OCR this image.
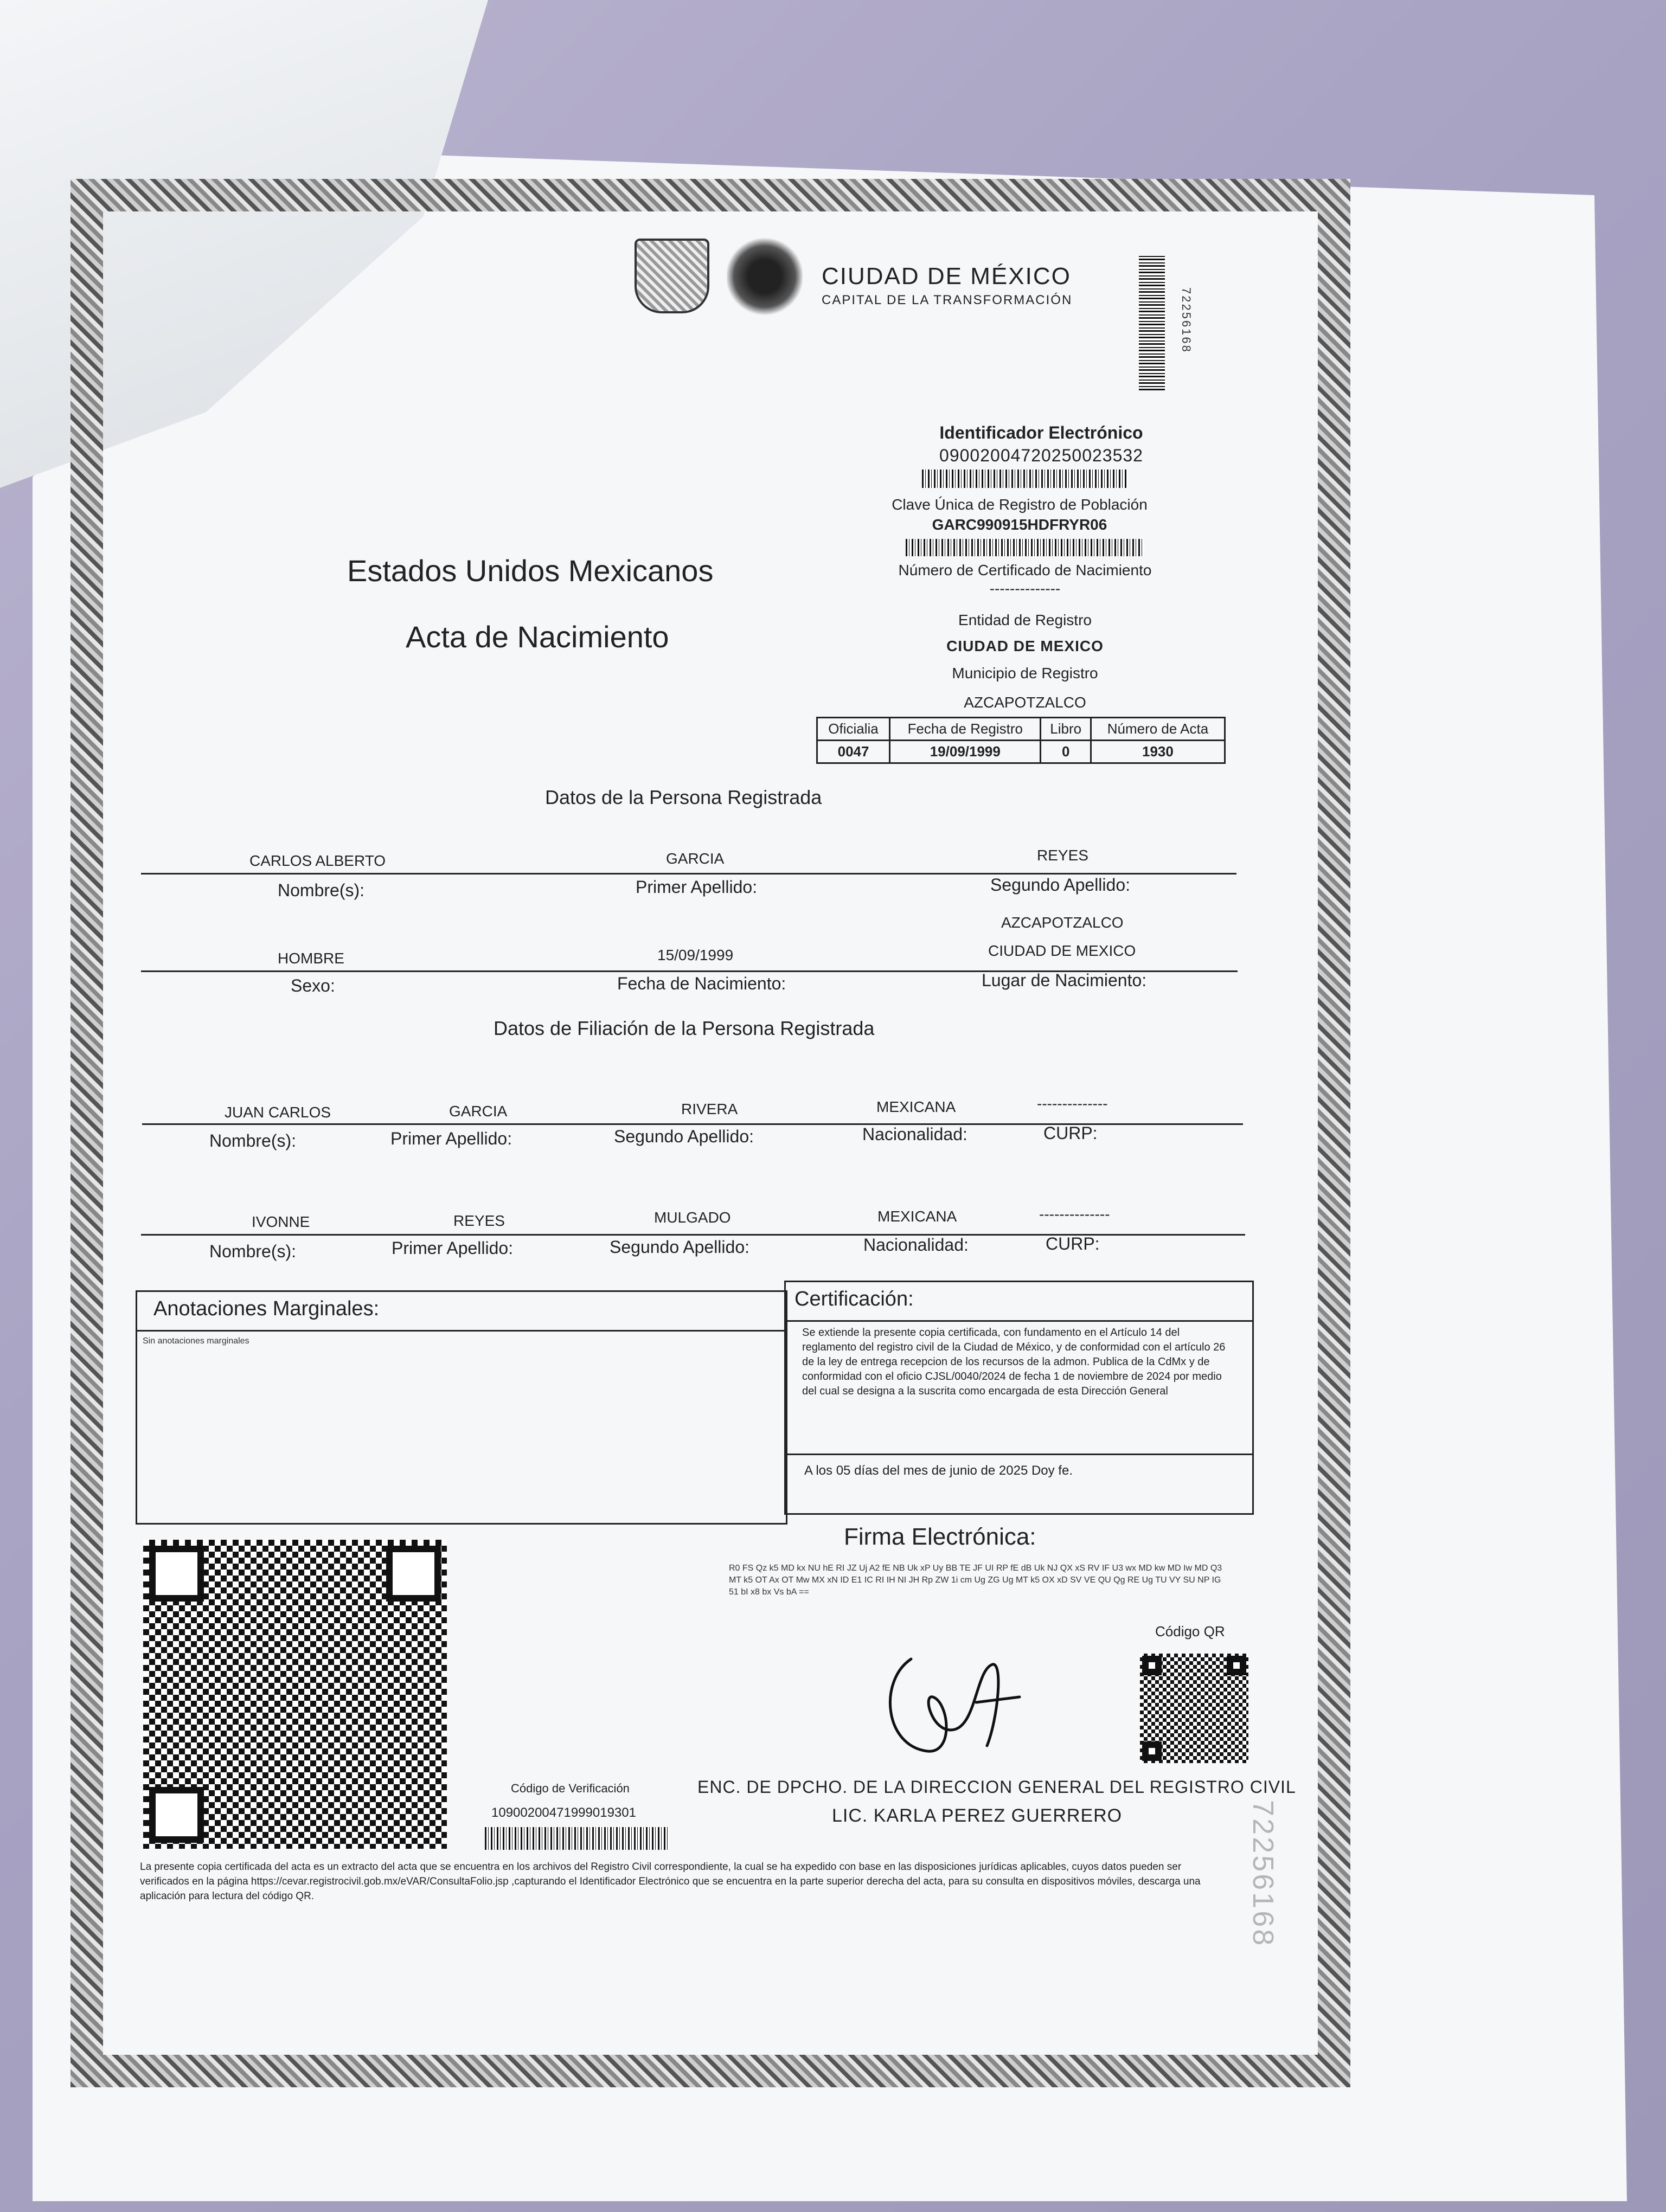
CIUDAD DE MÉXICO
CAPITAL DE LA TRANSFORMACIÓN	72256168
Identificador Electrónico
09002004720250023532
Clave Única de Registro de Población
GARC990915HDFRYR06
Número de Certificado de Nacimiento
--------------
Entidad de Registro
CIUDAD DE MEXICO
Municipio de Registro
AZCAPOTZALCO
Estados Unidos Mexicanos
Acta de Nacimiento
Oficialia	Fecha de Registro	Libro	Número de Acta
0047	19/09/1999	0	1930
Datos de la Persona Registrada
CARLOS ALBERTO	GARCIA	REYES
Nombre(s):	Primer Apellido:	Segundo Apellido:
HOMBRE	15/09/1999
AZCAPOTZALCO
CIUDAD DE MEXICO
Sexo:	Fecha de Nacimiento:	Lugar de Nacimiento:
Datos de Filiación de la Persona Registrada
JUAN CARLOS	GARCIA	RIVERA	MEXICANA	--------------
Nombre(s):	Primer Apellido:	Segundo Apellido:	Nacionalidad:	CURP:
IVONNE	REYES	MULGADO	MEXICANA	--------------
Nombre(s):	Primer Apellido:	Segundo Apellido:	Nacionalidad:	CURP:
Anotaciones Marginales:
Sin anotaciones marginales
Certificación:
Se extiende la presente copia certificada, con fundamento en el Artículo 14 del reglamento del registro civil de la Ciudad de México, y de conformidad con el artículo 26 de la ley de entrega recepcion de los recursos de la admon. Publica de la CdMx y de conformidad con el oficio CJSL/0040/2024 de fecha 1 de noviembre de 2024 por medio del cual se designa a la suscrita como encargada de esta Dirección General
A los 05 días del mes de junio de 2025 Doy fe.
Firma Electrónica:
R0 FS Qz k5 MD kx NU hE RI JZ Uj A2 fE NB Uk xP Uy BB TE JF UI RP fE dB Uk NJ QX xS RV IF U3 wx MD kw MD Iw MD Q3 MT k5 OT Ax OT Mw MX xN ID E1 IC RI IH NI JH Rp ZW 1i cm Ug ZG Ug MT k5 OX xD SV VE QU Qg RE Ug TU VY SU NP IG 51 bI x8 bx Vs bA ==
Código de Verificación
10900200471999019301
Código QR
ENC. DE DPCHO. DE LA DIRECCION GENERAL DEL REGISTRO CIVIL
LIC. KARLA PEREZ GUERRERO
La presente copia certificada del acta es un extracto del acta que se encuentra en los archivos del Registro Civil correspondiente, la cual se ha expedido con base en las disposiciones jurídicas aplicables, cuyos datos pueden ser verificados en la página https://cevar.registrocivil.gob.mx/eVAR/ConsultaFolio.jsp ,capturando el Identificador Electrónico que se encuentra en la parte superior derecha del acta, para su consulta en dispositivos móviles, descarga una aplicación para lectura del código QR.	72256168
